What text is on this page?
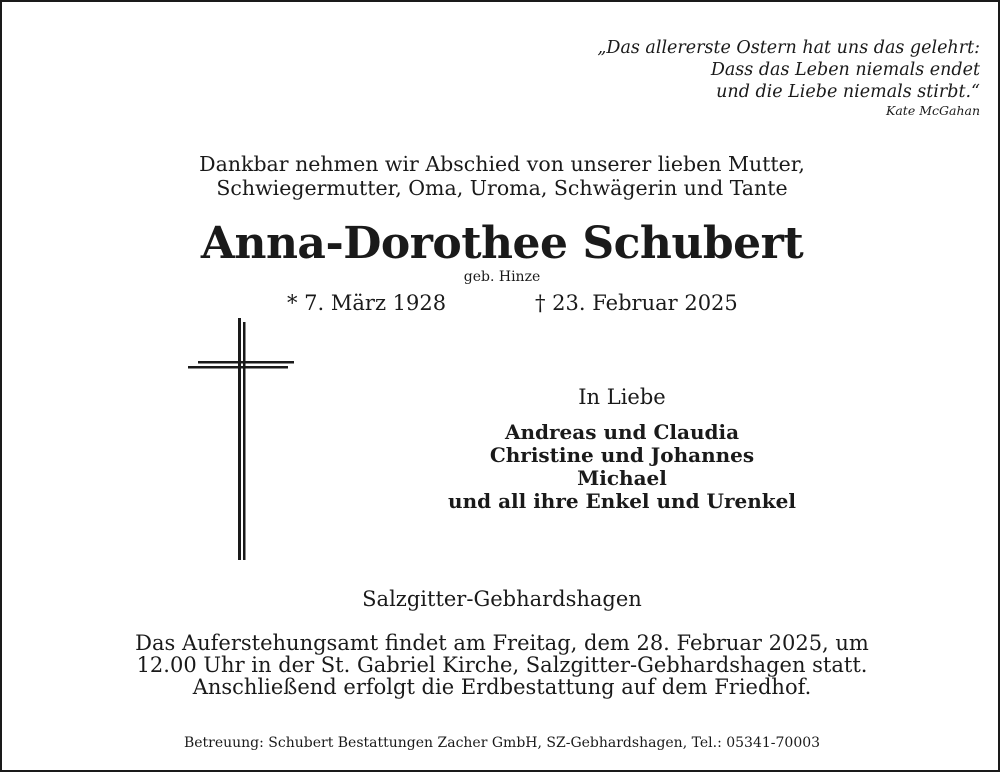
„Das allererste Ostern hat uns das gelehrt:
Dass das Leben niemals endet
und die Liebe niemals stirbt.“
Kate McGahan
Dankbar nehmen wir Abschied von unserer lieben Mutter,
Schwiegermutter, Oma, Uroma, Schwägerin und Tante
Anna-Dorothee Schubert
geb. Hinze
* 7. März 1928	† 23. Februar 2025
In Liebe
Andreas und Claudia
Christine und Johannes
Michael
und all ihre Enkel und Urenkel
Salzgitter-Gebhardshagen
Das Auferstehungsamt findet am Freitag, dem 28. Februar 2025, um
12.00 Uhr in der St. Gabriel Kirche, Salzgitter-Gebhardshagen statt.
Anschließend erfolgt die Erdbestattung auf dem Friedhof.
Betreuung: Schubert Bestattungen Zacher GmbH, SZ-Gebhardshagen, Tel.: 05341-70003
